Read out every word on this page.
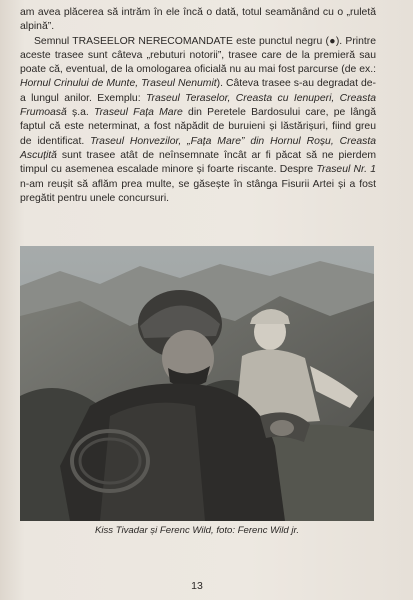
am avea plăcerea să intrăm în ele încă o dată, totul seamănând cu o „ruletă alpină”.

Semnul TRASEELOR NERECOMANDATE este punctul negru (●). Printre aceste trasee sunt câteva „rebuturi notorii”, trasee care de la premieră sau poate că, eventual, de la omologarea oficială nu au mai fost parcurse (de ex.: Hornul Crinului de Munte, Traseul Nenumit). Câteva trasee s-au degradat de-a lungul anilor. Exemplu: Traseul Teraselor, Creasta cu Ienuperi, Creasta Frumoasă ș.a. Traseul Fața Mare din Peretele Bardosului care, pe lângă faptul că este neterminat, a fost năpădit de buruieni și lăstărișuri, fiind greu de identificat. Traseul Honvezilor, „Fața Mare” din Hornul Roșu, Creasta Ascuțită sunt trasee atât de neînsemnate încât ar fi păcat să ne pierdem timpul cu asemenea escalade minore și foarte riscante. Despre Traseul Nr. 1 n-am reușit să aflăm prea multe, se găsește în stânga Fisurii Artei și a fost pregătit pentru unele concursuri.

Kiss Tivadar și Ferenc Wild, foto: Ferenc Wild jr.
13
